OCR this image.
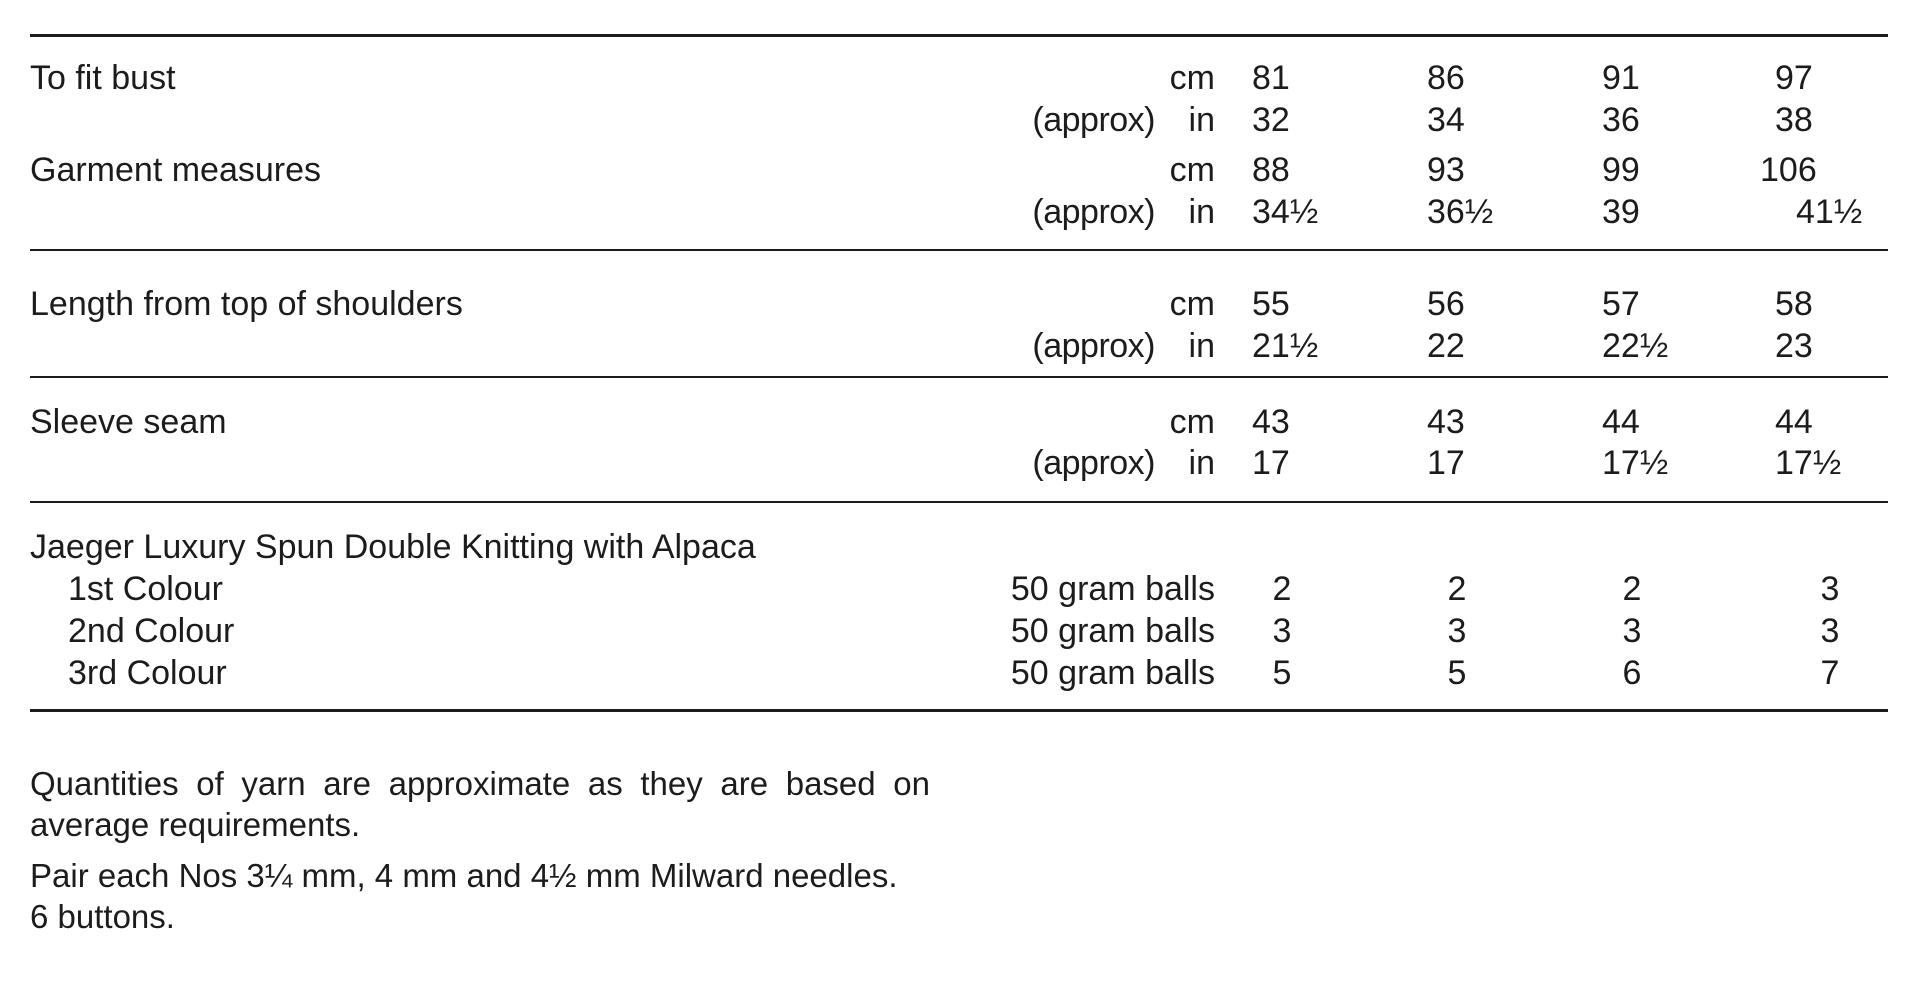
To fit bust	cm 81	86	91	97
(approx) in 32	34	36	38
Garment measures	cm 88	93	99	106
(approx) in 34½	36½	39	41½
Length from top of shoulders	cm 55	56	57	58
(approx) in 21½	22	22½	23
Sleeve seam	cm 43	43	44	44
(approx) in 17	17	17½	17½
Jaeger Luxury Spun Double Knitting with Alpaca
1st Colour	50 gram balls	2	2	2	3
2nd Colour	50 gram balls	3	3	3	3
3rd Colour	50 gram balls	5	5	6	7

Quantities of yarn are approximate as they are based on average requirements.

Pair each Nos 3¼ mm, 4 mm and 4½ mm Milward needles.

6 buttons.
